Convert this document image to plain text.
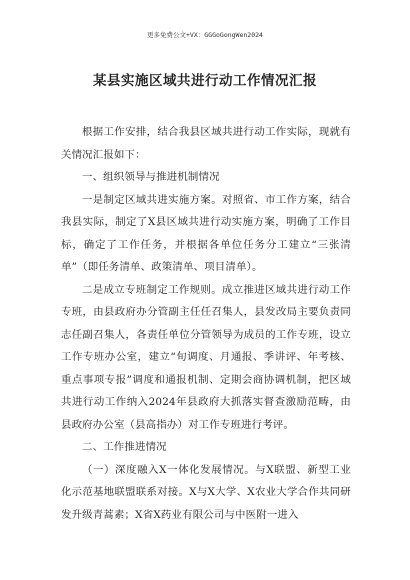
更多免费公文+VX：GGGoGongWen2024
某县实施区域共进行动工作情况汇报

根据工作安排，结合我县区域共进行动工作实际，现就有关情况汇报如下：

一、组织领导与推进机制情况

一是制定区域共进实施方案。对照省、市工作方案，结合我县实际，制定了X县区域共进行动实施方案，明确了工作目标，确定了工作任务，并根据各单位任务分工建立“三张清单”（即任务清单、政策清单、项目清单）。

二是成立专班制定工作规则。成立推进区域共进行动工作专班，由县政府办分管副主任任召集人，县发改局主要负责同志任副召集人，各责任单位分管领导为成员的工作专班，设立工作专班办公室，建立“旬调度、月通报、季讲评、年考核、重点事项专报”调度和通报机制、定期会商协调机制，把区域共进行动工作纳入2024年县政府大抓落实督查激励范畴，由县政府办公室（县高指办）对工作专班进行考评。

二、工作推进情况

（一）深度融入X一体化发展情况。与X联盟、新型工业化示范基地联盟联系对接。X与X大学、X农业大学合作共同研发升级青蒿素；X省X药业有限公司与中医附一进入
